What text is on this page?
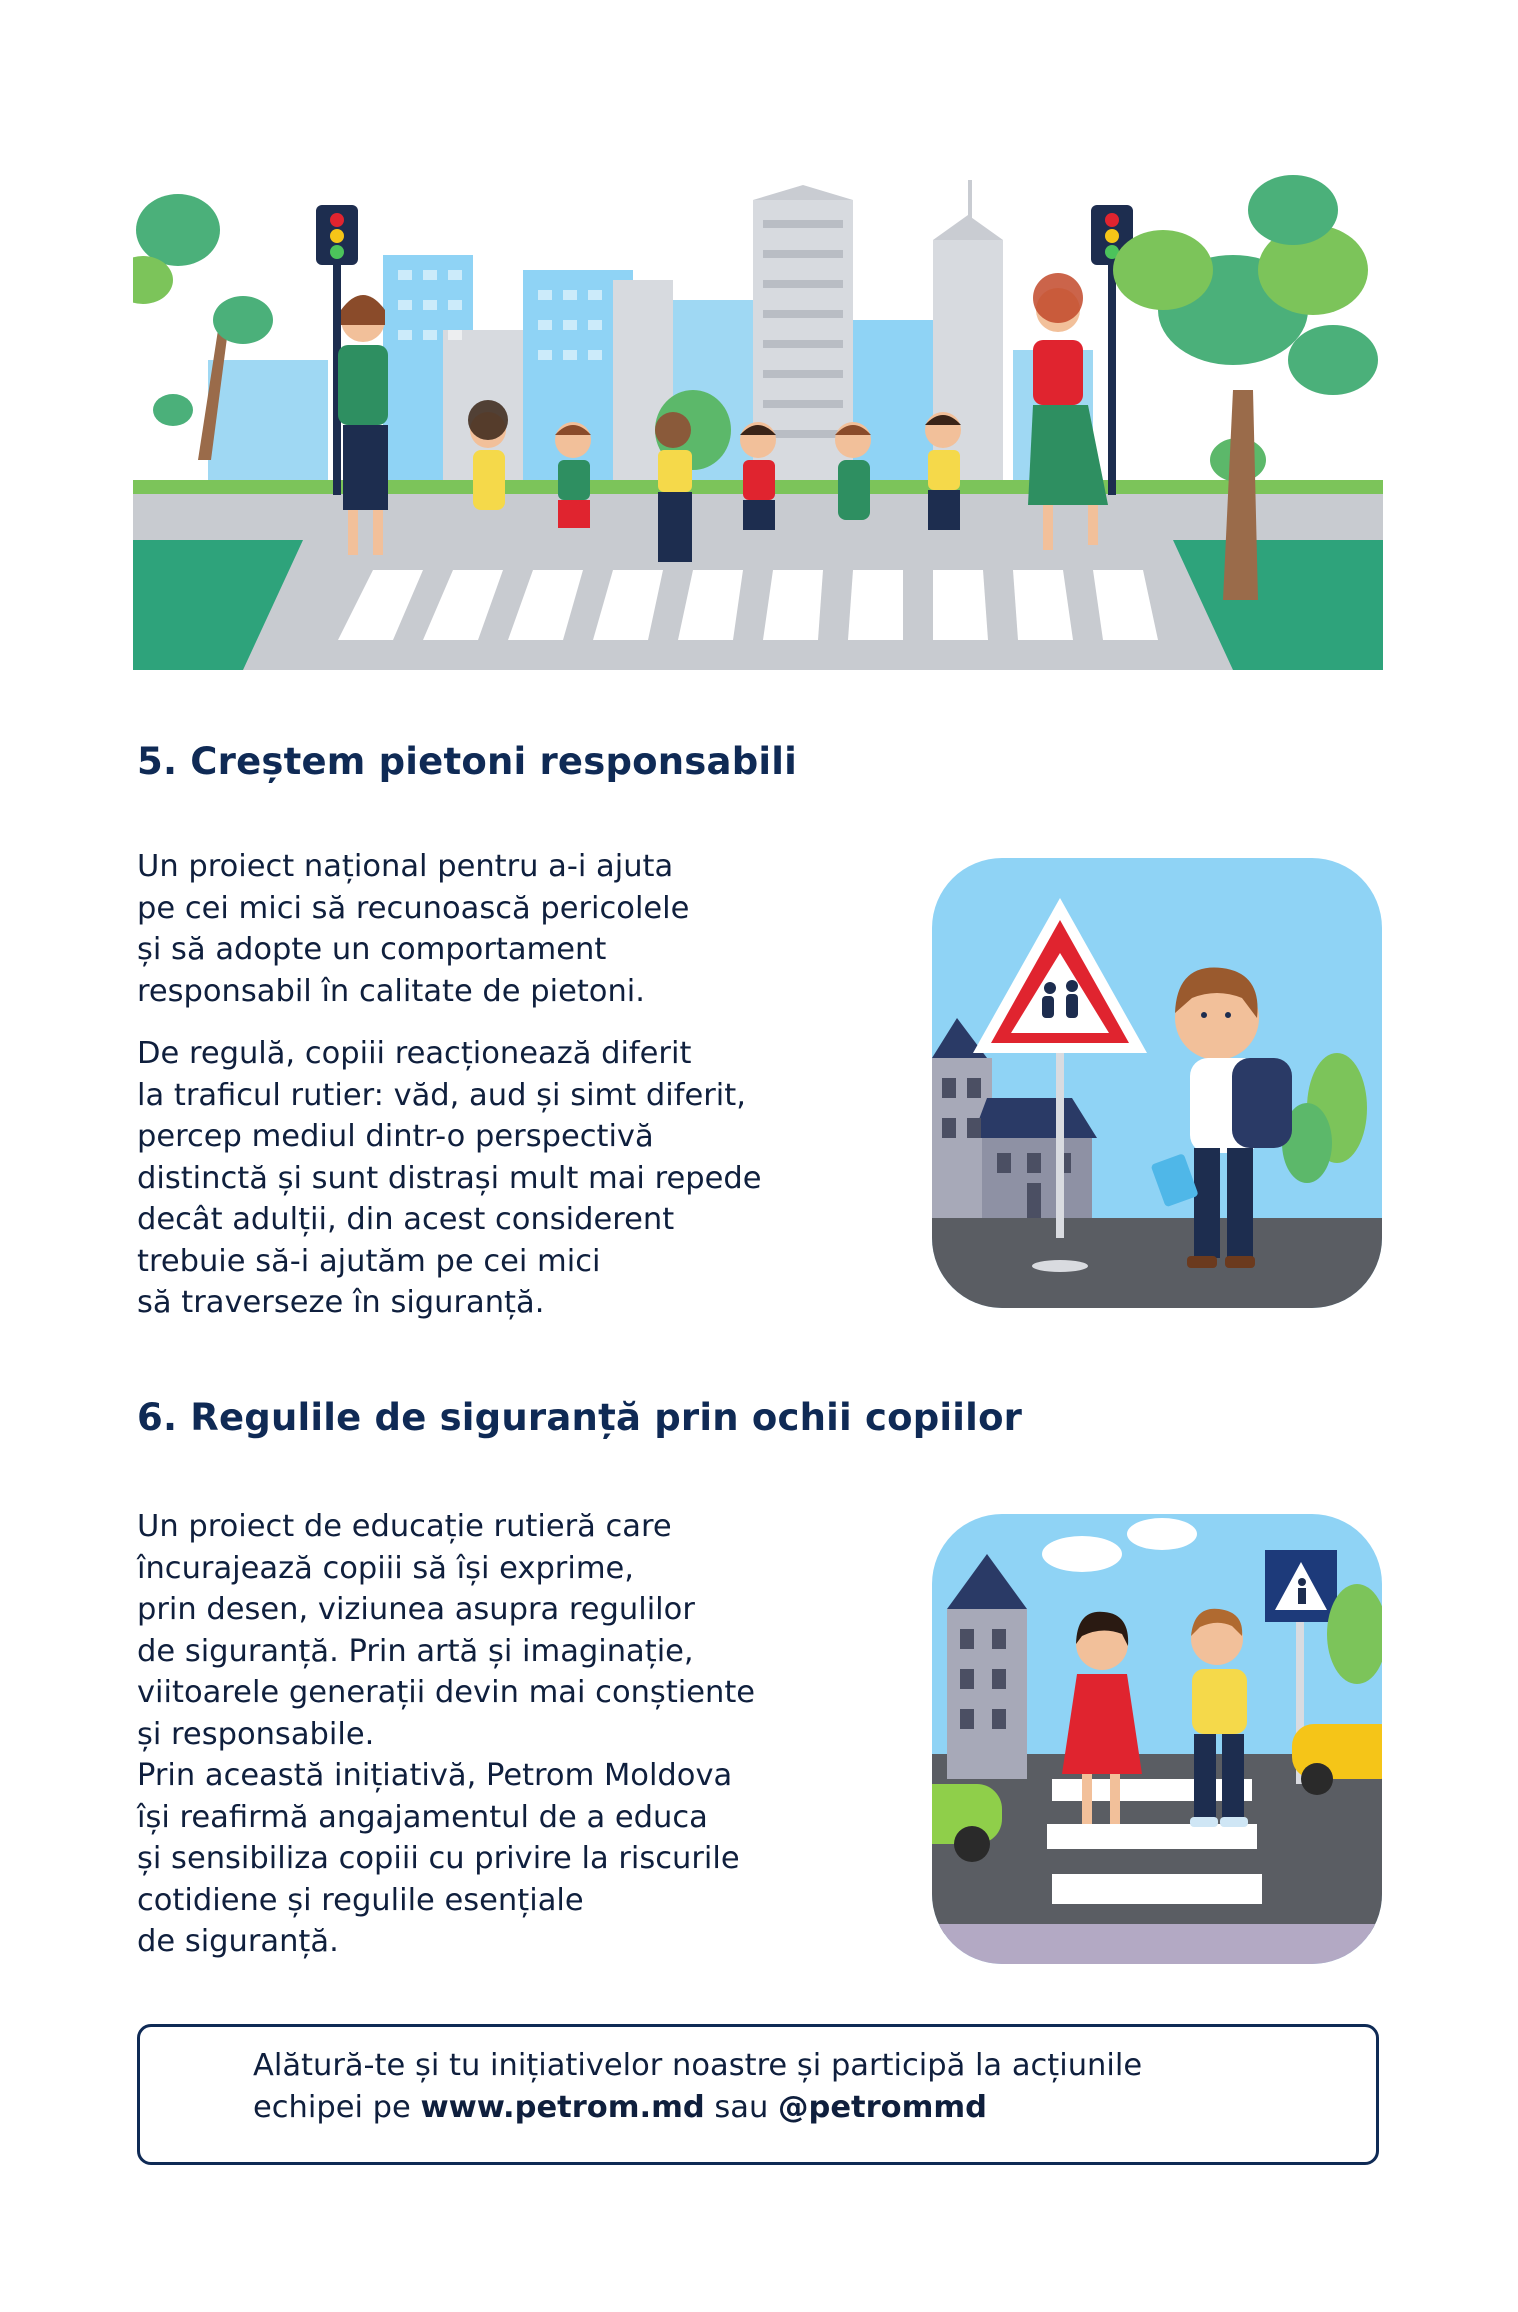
5. Creștem pietoni responsabili

Un proiect național pentru a-i ajuta
pe cei mici să recunoască pericolele
și să adopte un comportament
responsabil în calitate de pietoni.

De regulă, copiii reacționează diferit
la traficul rutier: văd, aud și simt diferit,
percep mediul dintr-o perspectivă
distinctă și sunt distrași mult mai repede
decât adulții, din acest considerent
trebuie să-i ajutăm pe cei mici
să traverseze în siguranță.

6. Regulile de siguranță prin ochii copiilor

Un proiect de educație rutieră care
încurajează copiii să își exprime,
prin desen, viziunea asupra regulilor
de siguranță. Prin artă și imaginație,
viitoarele generații devin mai conștiente
și responsabile.
Prin această inițiativă, Petrom Moldova
își reafirmă angajamentul de a educa
și sensibiliza copiii cu privire la riscurile
cotidiene și regulile esențiale
de siguranță.

Alătură-te și tu inițiativelor noastre și participă la acțiunile
echipei pe www.petrom.md sau @petrommd
